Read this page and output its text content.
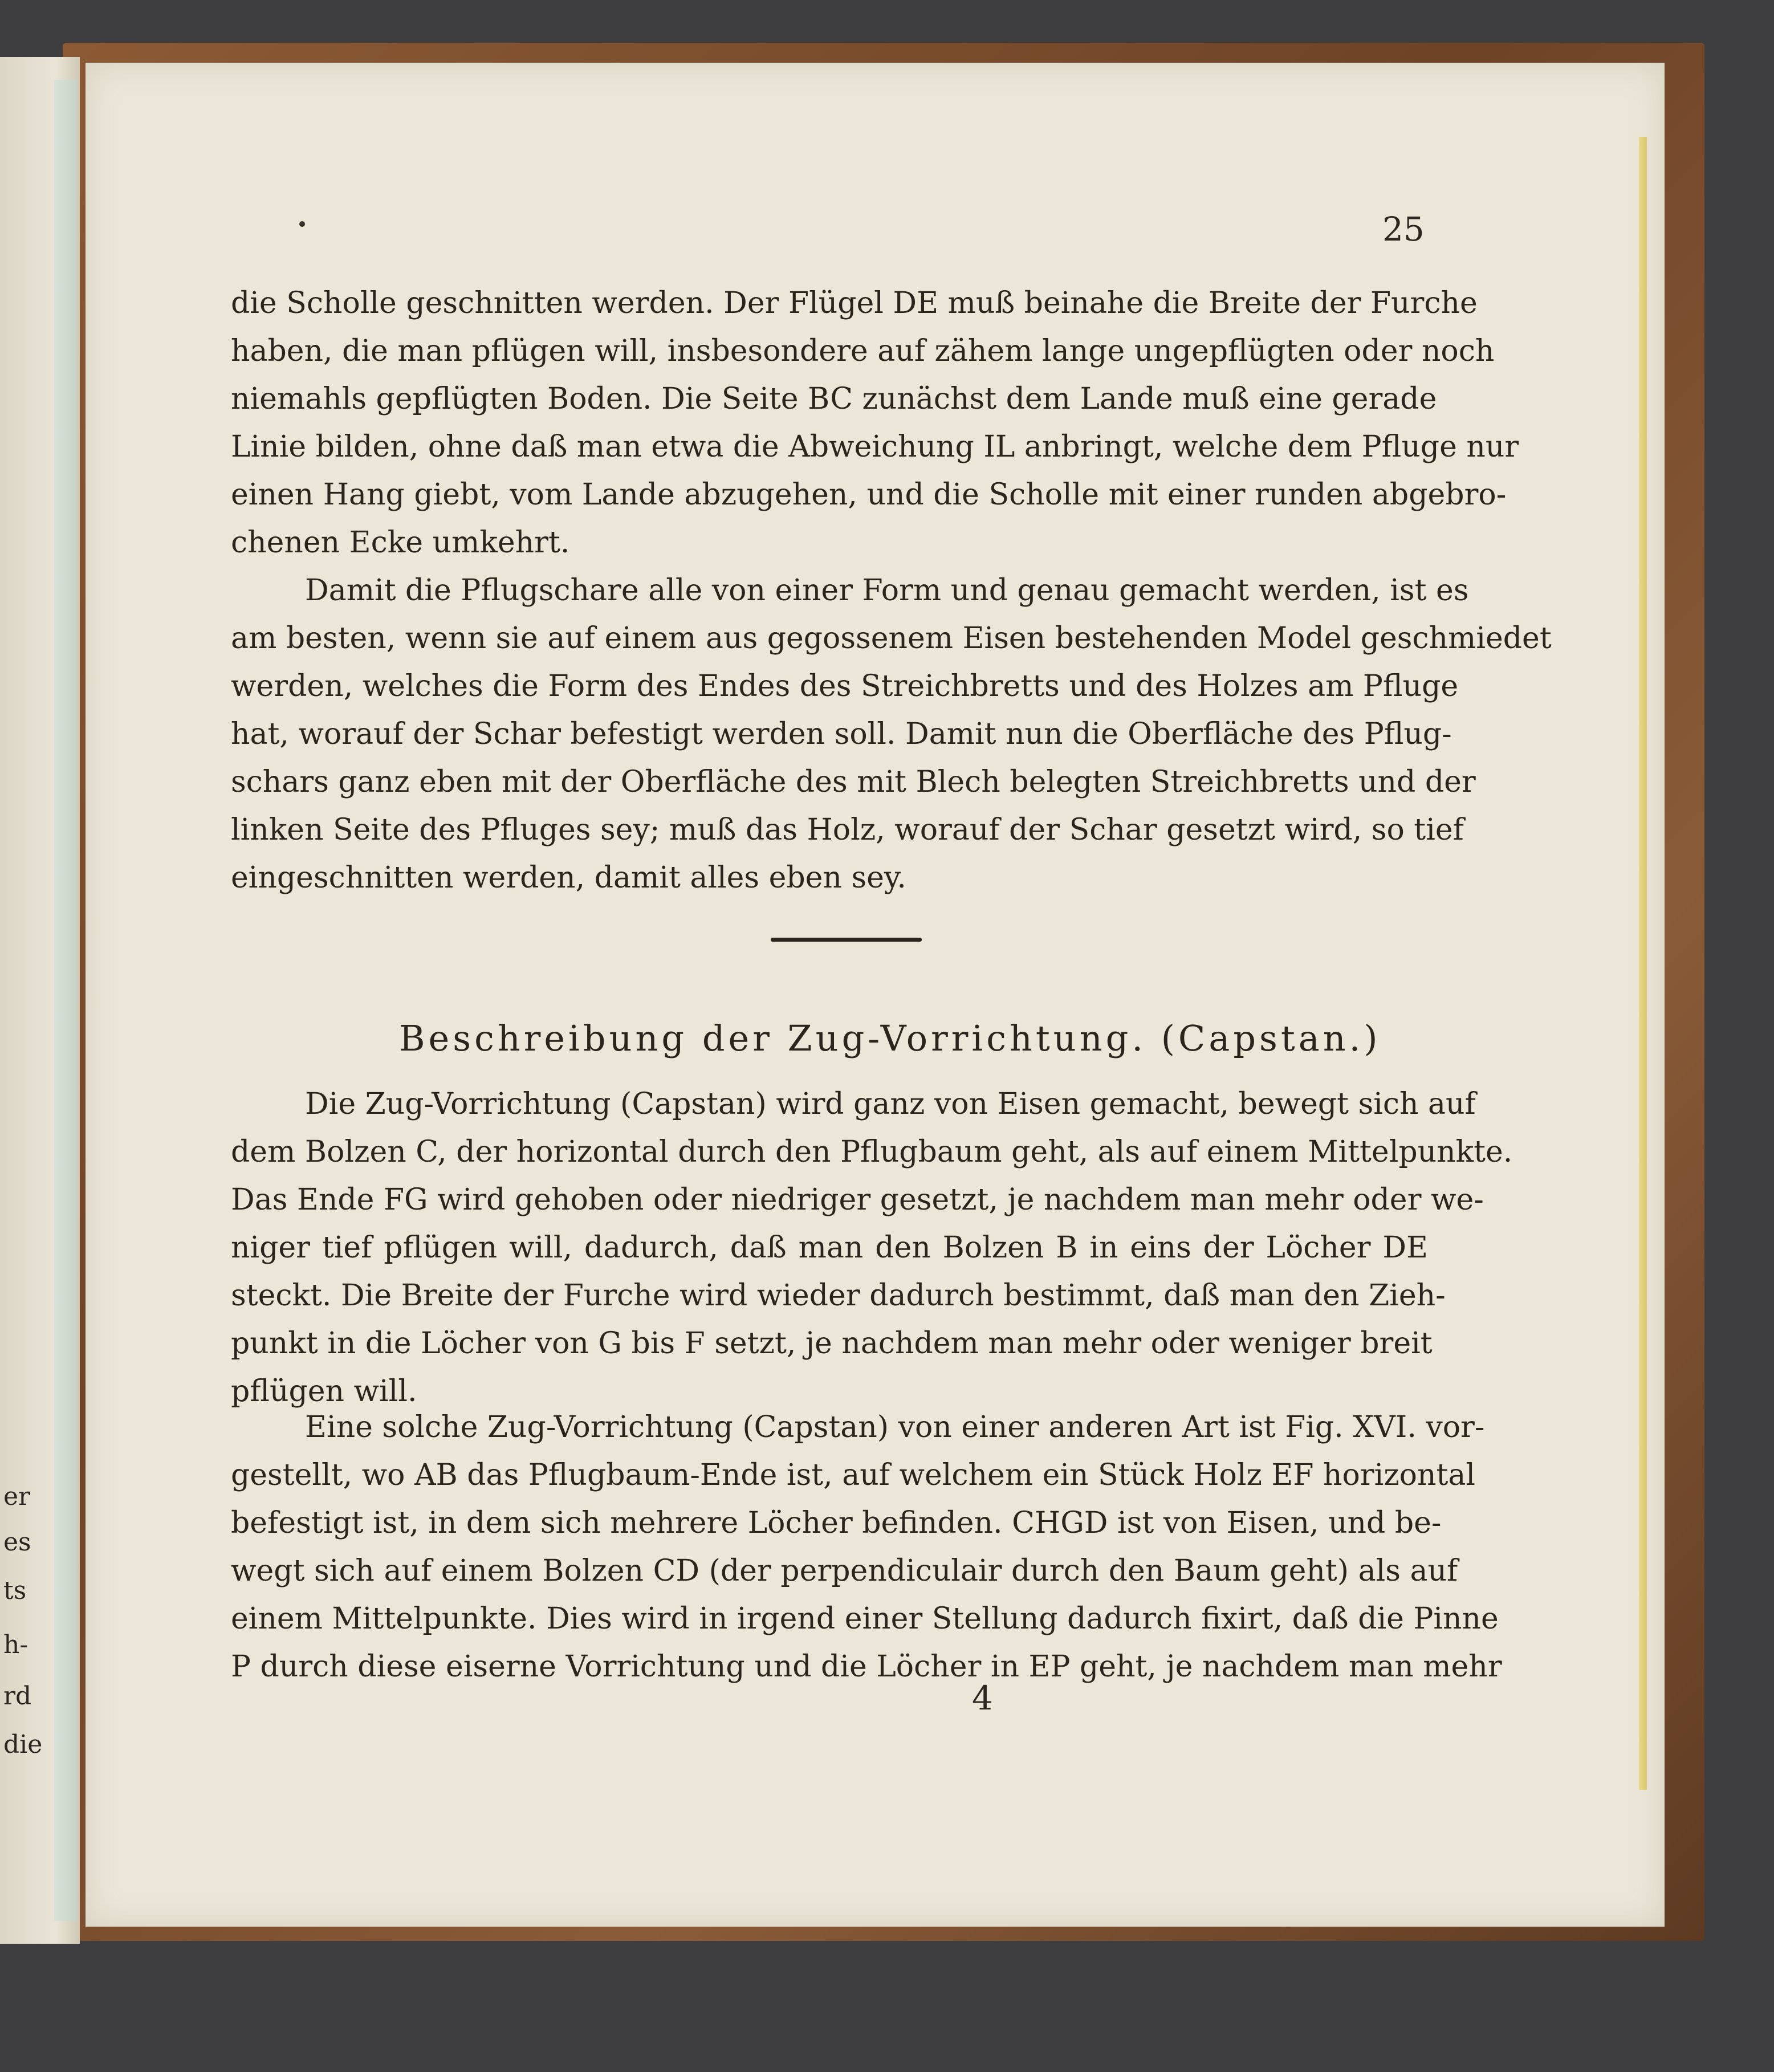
er
es
ts
h-
rd
die
25
die Scholle geschnitten werden. Der Flügel DE muß beinahe die Breite der Furche
haben, die man pflügen will, insbesondere auf zähem lange ungepflügten oder noch
niemahls gepflügten Boden. Die Seite BC zunächst dem Lande muß eine gerade
Linie bilden, ohne daß man etwa die Abweichung IL anbringt, welche dem Pfluge nur
einen Hang giebt, vom Lande abzugehen, und die Scholle mit einer runden abgebro-
chenen Ecke umkehrt.
Damit die Pflugschare alle von einer Form und genau gemacht werden, ist es
am besten, wenn sie auf einem aus gegossenem Eisen bestehenden Model geschmiedet
werden, welches die Form des Endes des Streichbretts und des Holzes am Pfluge
hat, worauf der Schar befestigt werden soll. Damit nun die Oberfläche des Pflug-
schars ganz eben mit der Oberfläche des mit Blech belegten Streichbretts und der
linken Seite des Pfluges sey; muß das Holz, worauf der Schar gesetzt wird, so tief
eingeschnitten werden, damit alles eben sey.
Beschreibung der Zug-Vorrichtung. (Capstan.)
Die Zug-Vorrichtung (Capstan) wird ganz von Eisen gemacht, bewegt sich auf
dem Bolzen C, der horizontal durch den Pflugbaum geht, als auf einem Mittelpunkte.
Das Ende FG wird gehoben oder niedriger gesetzt, je nachdem man mehr oder we-
niger tief pflügen will, dadurch, daß man den Bolzen B in eins der Löcher DE
steckt. Die Breite der Furche wird wieder dadurch bestimmt, daß man den Zieh-
punkt in die Löcher von G bis F setzt, je nachdem man mehr oder weniger breit
pflügen will.
Eine solche Zug-Vorrichtung (Capstan) von einer anderen Art ist Fig. XVI. vor-
gestellt, wo AB das Pflugbaum-Ende ist, auf welchem ein Stück Holz EF horizontal
befestigt ist, in dem sich mehrere Löcher befinden. CHGD ist von Eisen, und be-
wegt sich auf einem Bolzen CD (der perpendiculair durch den Baum geht) als auf
einem Mittelpunkte. Dies wird in irgend einer Stellung dadurch fixirt, daß die Pinne
P durch diese eiserne Vorrichtung und die Löcher in EP geht, je nachdem man mehr
4
